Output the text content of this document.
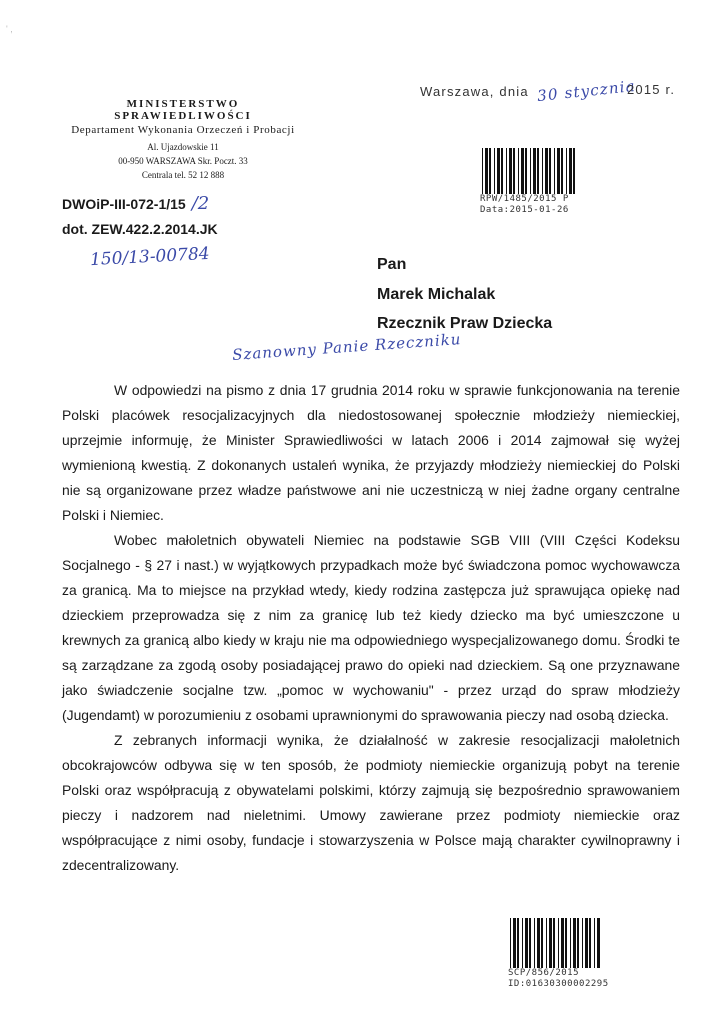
' ,
Warszawa, dnia 30 stycznia
2015 r.
MINISTERSTWO SPRAWIEDLIWOŚCI
Departament Wykonania Orzeczeń i Probacji
Al. Ujazdowskie 11
00-950 WARSZAWA Skr. Poczt. 33
Centrala tel. 52 12 888
DWOiP-III-072-1/15 /2
dot. ZEW.422.2.2014.JK
150/13-00784
RPW/1485/2015 P
Data:2015-01-26
Pan
Marek Michalak
Rzecznik Praw Dziecka
Szanowny Panie Rzeczniku

W odpowiedzi na pismo z dnia 17 grudnia 2014 roku w sprawie funkcjonowania na terenie Polski placówek resocjalizacyjnych dla niedostosowanej społecznie młodzieży niemieckiej, uprzejmie informuję, że Minister Sprawiedliwości w latach 2006 i 2014 zajmował się wyżej wymienioną kwestią. Z dokonanych ustaleń wynika, że przyjazdy młodzieży niemieckiej do Polski nie są organizowane przez władze państwowe ani nie uczestniczą w niej żadne organy centralne Polski i Niemiec.

Wobec małoletnich obywateli Niemiec na podstawie SGB VIII (VIII Części Kodeksu Socjalnego - § 27 i nast.) w wyjątkowych przypadkach może być świadczona pomoc wychowawcza za granicą. Ma to miejsce na przykład wtedy, kiedy rodzina zastępcza już sprawująca opiekę nad dzieckiem przeprowadza się z nim za granicę lub też kiedy dziecko ma być umieszczone u krewnych za granicą albo kiedy w kraju nie ma odpowiedniego wyspecjalizowanego domu. Środki te są zarządzane za zgodą osoby posiadającej prawo do opieki nad dzieckiem. Są one przyznawane jako świadczenie socjalne tzw. „pomoc w wychowaniu" - przez urząd do spraw młodzieży (Jugendamt) w porozumieniu z osobami uprawnionymi do sprawowania pieczy nad osobą dziecka.

Z zebranych informacji wynika, że działalność w zakresie resocjalizacji małoletnich obcokrajowców odbywa się w ten sposób, że podmioty niemieckie organizują pobyt na terenie Polski oraz współpracują z obywatelami polskimi, którzy zajmują się bezpośrednio sprawowaniem pieczy i nadzorem nad nieletnimi. Umowy zawierane przez podmioty niemieckie oraz współpracujące z nimi osoby, fundacje i stowarzyszenia w Polsce mają charakter cywilnoprawny i zdecentralizowany.

SCP/856/2015
ID:01630300002295
